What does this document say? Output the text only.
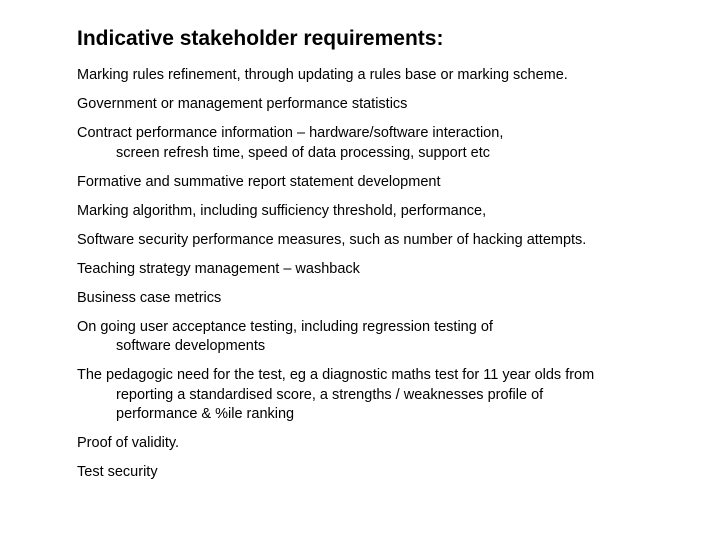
Indicative stakeholder requirements:
Marking rules refinement, through updating a rules base or marking scheme.
Government or management performance statistics
Contract performance information – hardware/software interaction,
screen refresh time, speed of data processing, support etc
Formative and summative report statement development
Marking algorithm, including sufficiency threshold, performance,
Software security performance measures, such as number of hacking attempts.
Teaching strategy management – washback
Business case metrics
On going user acceptance testing, including regression testing of
software developments
The pedagogic need for the test, eg a diagnostic maths test for 11 year olds from
reporting a standardised score, a strengths / weaknesses profile of
performance & %ile ranking
Proof of validity.
Test security
